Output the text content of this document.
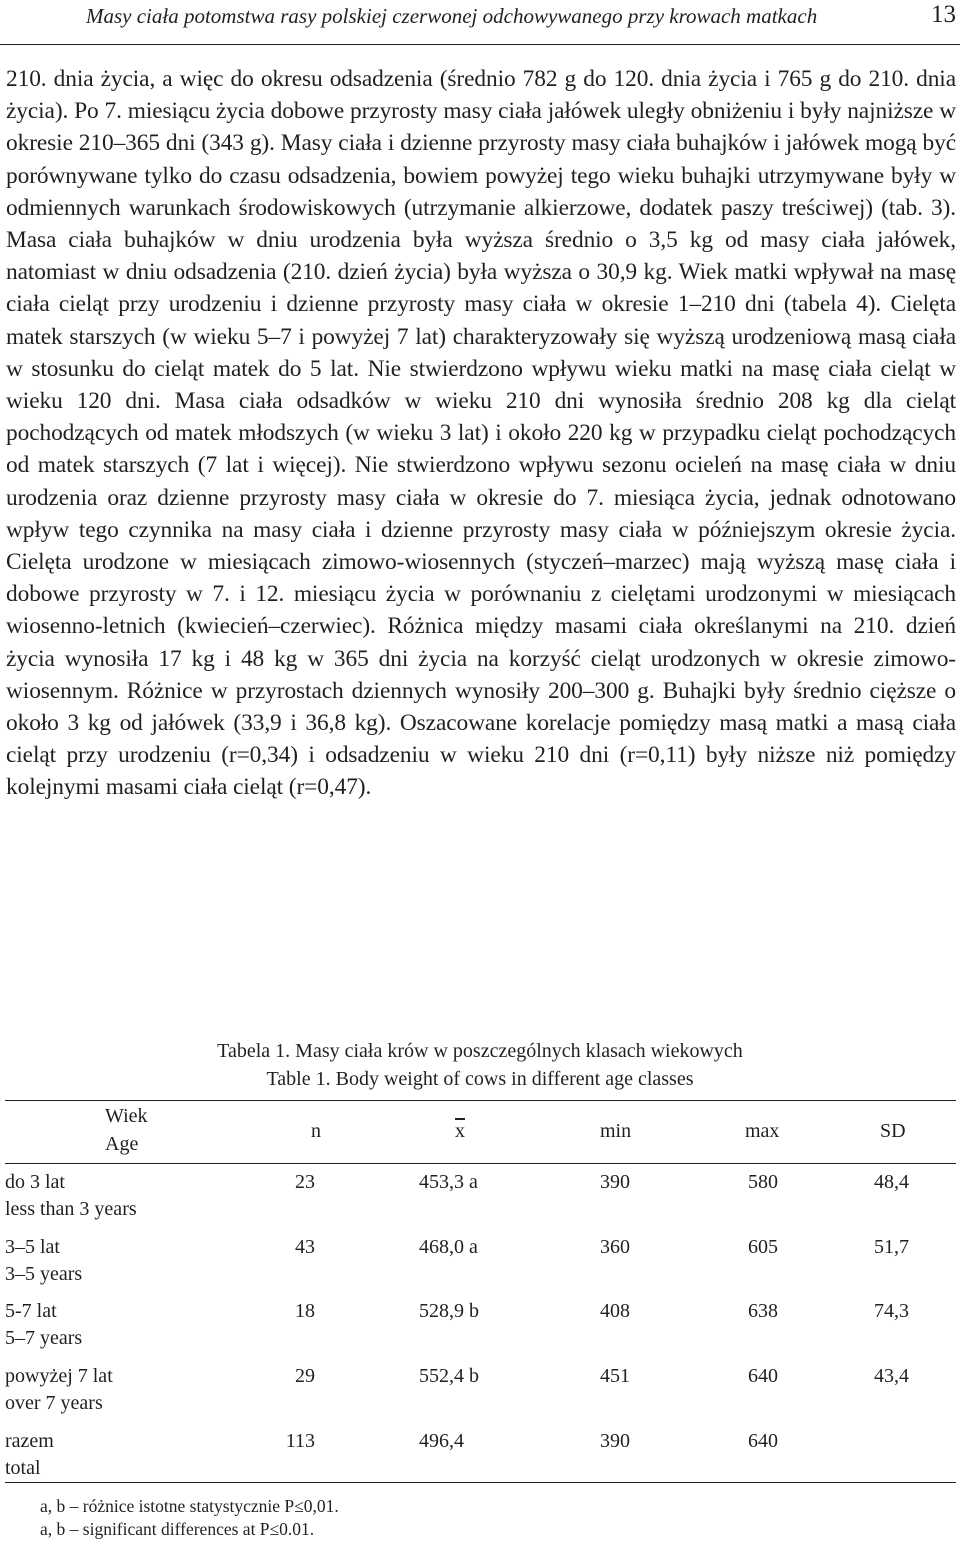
Masy ciała potomstwa rasy polskiej czerwonej odchowywanego przy krowach matkach	13

210. dnia życia, a więc do okresu odsadzenia (średnio 782 g do 120. dnia życia i 765 g do 210. dnia życia). Po 7. miesiącu życia dobowe przyrosty masy ciała jałówek uległy obniżeniu i były najniższe w okresie 210–365 dni (343 g). Masy ciała i dzienne przyrosty masy ciała buhajków i jałówek mogą być porównywane tylko do czasu odsadzenia, bowiem powyżej tego wieku buhajki utrzymywane były w odmiennych warunkach środowiskowych (utrzymanie alkierzowe, dodatek paszy treściwej) (tab. 3). Masa ciała buhajków w dniu urodzenia była wyższa średnio o 3,5 kg od masy ciała jałówek, natomiast w dniu odsadzenia (210. dzień życia) była wyższa o 30,9 kg. Wiek matki wpływał na masę ciała cieląt przy urodzeniu i dzienne przyrosty masy ciała w okresie 1–210 dni (tabela 4). Cielęta matek starszych (w wieku 5–7 i powyżej 7 lat) charakteryzowały się wyższą urodzeniową masą ciała w stosunku do cieląt matek do 5 lat. Nie stwierdzono wpływu wieku matki na masę ciała cieląt w wieku 120 dni. Masa ciała odsadków w wieku 210 dni wynosiła średnio 208 kg dla cieląt pochodzących od matek młodszych (w wieku 3 lat) i około 220 kg w przypadku cieląt pochodzących od matek starszych (7 lat i więcej). Nie stwierdzono wpływu sezonu ocieleń na masę ciała w dniu urodzenia oraz dzienne przyrosty masy ciała w okresie do 7. miesiąca życia, jednak odnotowano wpływ tego czynnika na masy ciała i dzienne przyrosty masy ciała w późniejszym okresie życia. Cielęta urodzone w miesiącach zimowo-wiosennych (styczeń–marzec) mają wyższą masę ciała i dobowe przyrosty w 7. i 12. miesiącu życia w porównaniu z cielętami urodzonymi w miesiącach wiosenno-letnich (kwiecień–czerwiec). Różnica między masami ciała określanymi na 210. dzień życia wynosiła 17 kg i 48 kg w 365 dni życia na korzyść cieląt urodzonych w okresie zimowo-wiosennym. Różnice w przyrostach dziennych wynosiły 200–300 g. Buhajki były średnio cięższe o około 3 kg od jałówek (33,9 i 36,8 kg). Oszacowane korelacje pomiędzy masą matki a masą ciała cieląt przy urodzeniu (r=0,34) i odsadzeniu w wieku 210 dni (r=0,11) były niższe niż pomiędzy kolejnymi masami ciała cieląt (r=0,47).

Tabela 1. Masy ciała krów w poszczególnych klasach wiekowych
Table 1. Body weight of cows in different age classes
Wiek
Age
n	$\overline{x}$	min	max	SD
do 3 lat
less than 3 years
23	453,3 a	390	580	48,4
3–5 lat
3–5 years
43	468,0 a	360	605	51,7
5-7 lat
5–7 years
18	528,9 b	408	638	74,3
powyżej 7 lat
over 7 years
29	552,4 b	451	640	43,4
razem
total
113	496,4	390	640
a, b – różnice istotne statystycznie P≤0,01.
a, b – significant differences at P≤0.01.
